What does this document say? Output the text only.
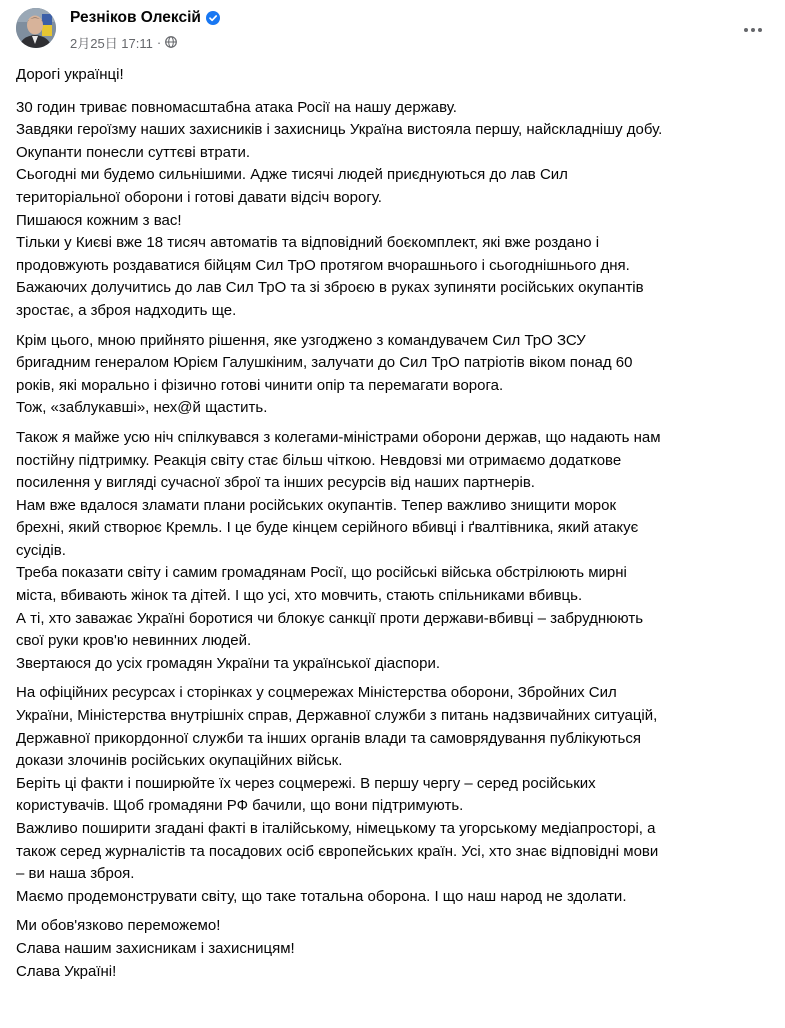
Резніков Олексій
2月25日 17:11 ·

Дорогі українці!

30 годин триває повномасштабна атака Росії на нашу державу.
Завдяки героїзму наших захисників і захисниць Україна вистояла першу, найскладнішу добу.
Окупанти понесли суттєві втрати.
Сьогодні ми будемо сильнішими. Адже тисячі людей приєднуються до лав Сил
територіальної оборони і готові давати відсіч ворогу.
Пишаюся кожним з вас!
Тільки у Києві вже 18 тисяч автоматів та відповідний боєкомплект, які вже роздано і
продовжують роздаватися бійцям Сил ТрО протягом вчорашнього і сьогоднішнього дня.
Бажаючих долучитись до лав Сил ТрО та зі зброєю в руках зупиняти російських окупантів
зростає, а зброя надходить ще.

Крім цього, мною прийнято рішення, яке узгоджено з командувачем Сил ТрО ЗСУ
бригадним генералом Юрієм Галушкіним, залучати до Сил ТрО патріотів віком понад 60
років, які морально і фізично готові чинити опір та перемагати ворога.
Тож, «заблукавші», нех@й щастить.

Також я майже усю ніч спілкувався з колегами-міністрами оборони держав, що надають нам
постійну підтримку. Реакція світу стає більш чіткою. Невдовзі ми отримаємо додаткове
посилення у вигляді сучасної зброї та інших ресурсів від наших партнерів.
Нам вже вдалося зламати плани російських окупантів. Тепер важливо знищити морок
брехні, який створює Кремль. І це буде кінцем серійного вбивці і ґвалтівника, який атакує
сусідів.
Треба показати світу і самим громадянам Росії, що російські війська обстрілюють мирні
міста, вбивають жінок та дітей. І що усі, хто мовчить, стають спільниками вбивць.
А ті, хто заважає Україні боротися чи блокує санкції проти держави-вбивці – забруднюють
свої руки кров'ю невинних людей.
Звертаюся до усіх громадян України та української діаспори.

На офіційних ресурсах і сторінках у соцмережах Міністерства оборони, Збройних Сил
України, Міністерства внутрішніх справ, Державної служби з питань надзвичайних ситуацій,
Державної прикордонної служби та інших органів влади та самоврядування публікуються
докази злочинів російських окупаційних військ.
Беріть ці факти і поширюйте їх через соцмережі. В першу чергу – серед російських
користувачів. Щоб громадяни РФ бачили, що вони підтримують.
Важливо поширити згадані факті в італійському, німецькому та угорському медіапросторі, а
також серед журналістів та посадових осіб європейських країн. Усі, хто знає відповідні мови
– ви наша зброя.
Маємо продемонструвати світу, що таке тотальна оборона. І що наш народ не здолати.

Ми обов'язково переможемо!
Слава нашим захисникам і захисницям!
Слава Україні!
